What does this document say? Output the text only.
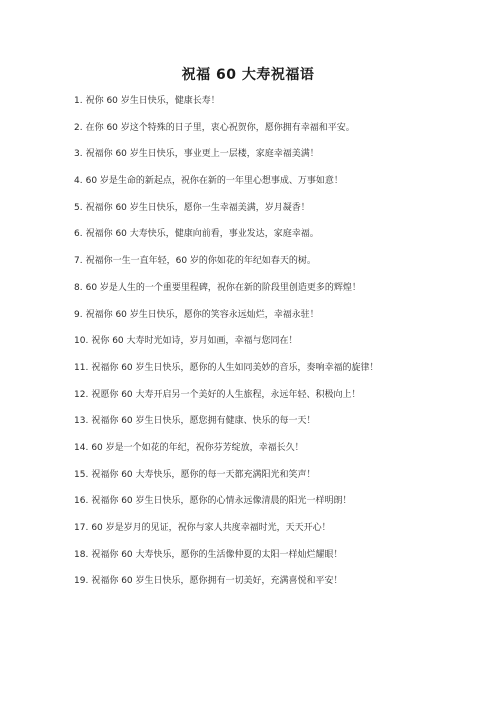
祝福 60 大寿祝福语
1. 祝你 60 岁生日快乐，健康长寿！
2. 在你 60 岁这个特殊的日子里，衷心祝贺你，愿你拥有幸福和平安。
3. 祝福你 60 岁生日快乐，事业更上一层楼，家庭幸福美满！
4. 60 岁是生命的新起点，祝你在新的一年里心想事成、万事如意！
5. 祝福你 60 岁生日快乐，愿你一生幸福美满，岁月凝香！
6. 祝福你 60 大寿快乐，健康向前看，事业发达，家庭幸福。
7. 祝福你一生一直年轻，60 岁的你如花的年纪如春天的树。
8. 60 岁是人生的一个重要里程碑，祝你在新的阶段里创造更多的辉煌！
9. 祝福你 60 岁生日快乐，愿你的笑容永远灿烂，幸福永驻！
10. 祝你 60 大寿时光如诗，岁月如画，幸福与您同在！
11. 祝福你 60 岁生日快乐，愿你的人生如同美妙的音乐，奏响幸福的旋律！
12. 祝愿你 60 大寿开启另一个美好的人生旅程，永远年轻、积极向上！
13. 祝福你 60 岁生日快乐，愿您拥有健康、快乐的每一天！
14. 60 岁是一个如花的年纪，祝你芬芳绽放，幸福长久！
15. 祝福你 60 大寿快乐，愿你的每一天都充满阳光和笑声！
16. 祝福你 60 岁生日快乐，愿你的心情永远像清晨的阳光一样明朗！
17. 60 岁是岁月的见证，祝你与家人共度幸福时光，天天开心！
18. 祝福你 60 大寿快乐，愿你的生活像仲夏的太阳一样灿烂耀眼！
19. 祝福你 60 岁生日快乐，愿你拥有一切美好，充满喜悦和平安！
